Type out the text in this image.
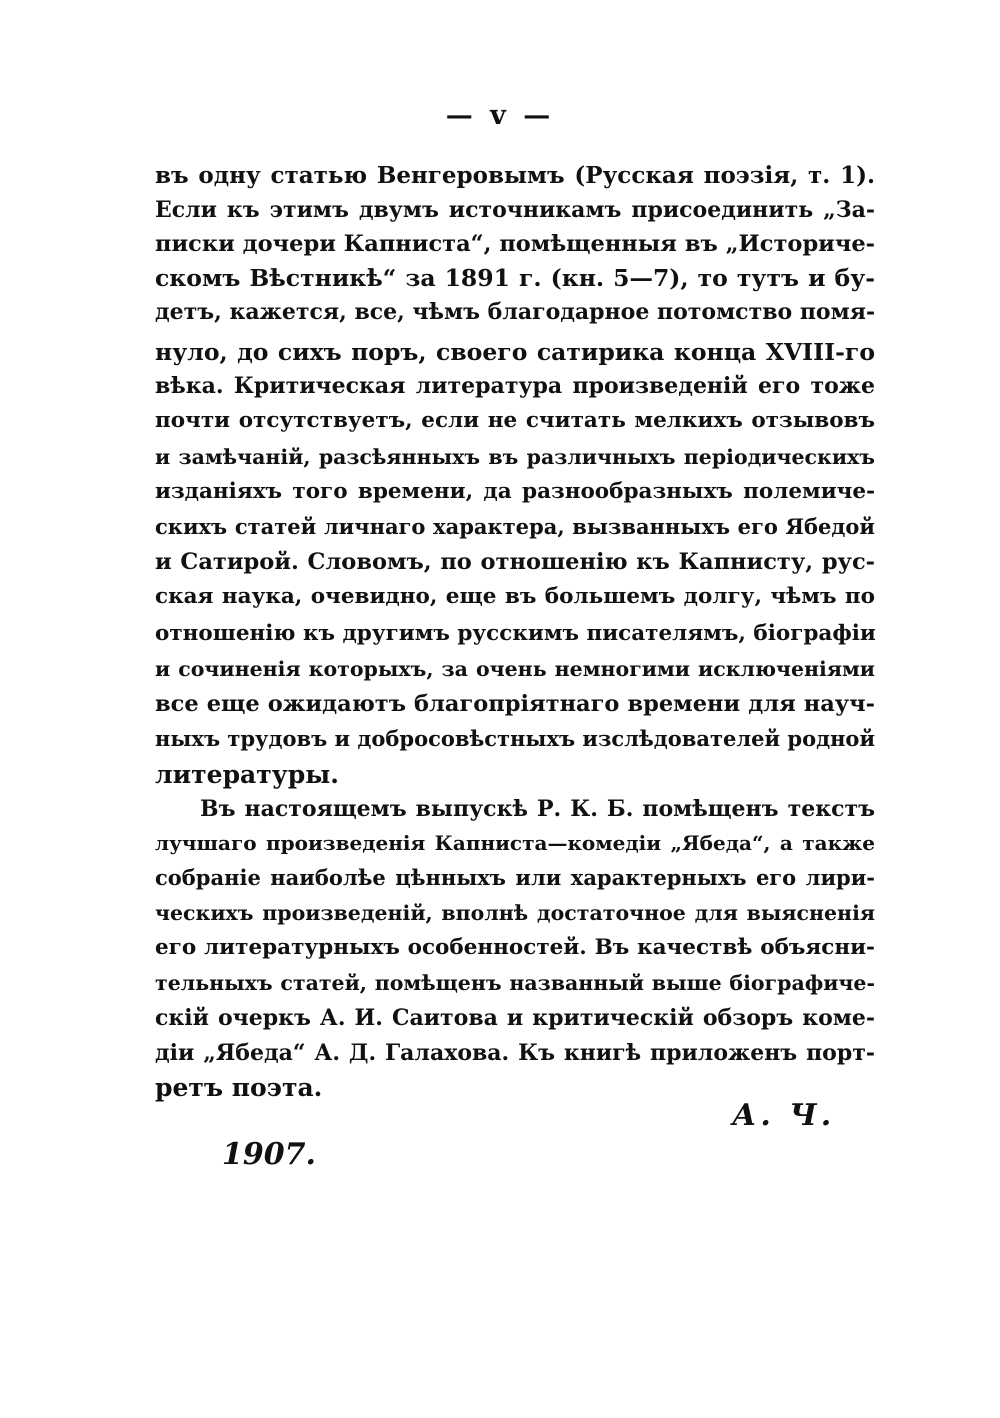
— v —
въ одну статью Венгеровымъ (Русская поэзія, т. 1).
Если къ этимъ двумъ источникамъ присоединить „За-
писки дочери Капниста“, помѣщенныя въ „Историче-
скомъ Вѣстникѣ“ за 1891 г. (кн. 5—7), то тутъ и бу-
детъ, кажется, все, чѣмъ благодарное потомство помя-
нуло, до сихъ поръ, своего сатирика конца XVIII-го
вѣка. Критическая литература произведеній его тоже
почти отсутствуетъ, если не считать мелкихъ отзывовъ
и замѣчаній, разсѣянныхъ въ различныхъ періодическихъ
изданіяхъ того времени, да разнообразныхъ полемиче-
скихъ статей личнаго характера, вызванныхъ его Ябедой
и Сатирой. Словомъ, по отношенію къ Капнисту, рус-
ская наука, очевидно, еще въ большемъ долгу, чѣмъ по
отношенію къ другимъ русскимъ писателямъ, біографіи
и сочиненія которыхъ, за очень немногими исключеніями
все еще ожидаютъ благопріятнаго времени для науч-
ныхъ трудовъ и добросовѣстныхъ изслѣдователей родной
литературы.
Въ настоящемъ выпускѣ Р. К. Б. помѣщенъ текстъ
лучшаго произведенія Капниста—комедіи „Ябеда“, а также
собраніе наиболѣе цѣнныхъ или характерныхъ его лири-
ческихъ произведеній, вполнѣ достаточное для выясненія
его литературныхъ особенностей. Въ качествѣ объясни-
тельныхъ статей, помѣщенъ названный выше біографиче-
скій очеркъ А. И. Саитова и критическій обзоръ коме-
діи „Ябеда“ А. Д. Галахова. Къ книгѣ приложенъ порт-
ретъ поэта.
А. Ч.
1907.
